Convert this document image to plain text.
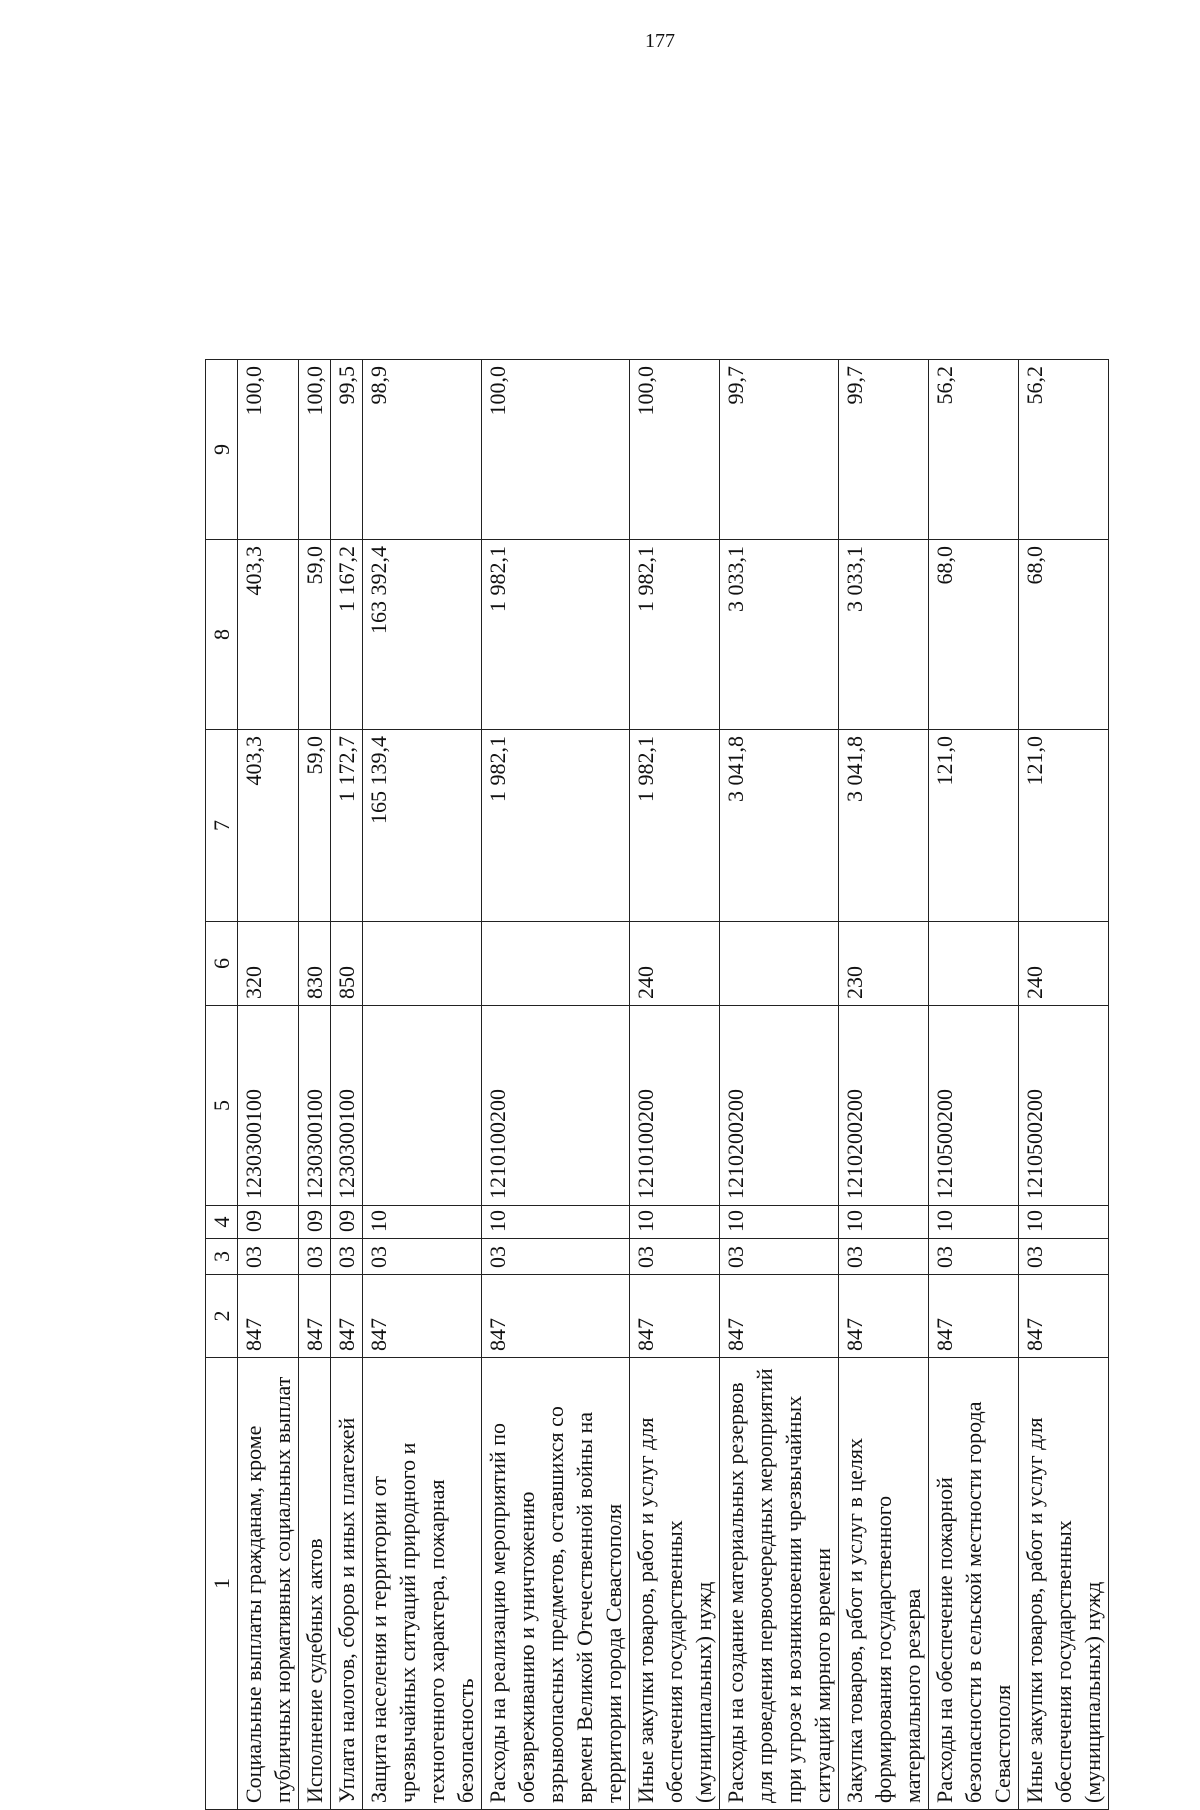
177
1	2	3	4	5	6	7	8	9
Социальные выплаты гражданам, кроме публичных нормативных социальных выплат	847	03	09	1230300100	320	403,3	403,3	100,0
Исполнение судебных актов	847	03	09	1230300100	830	59,0	59,0	100,0
Уплата налогов, сборов и иных платежей	847	03	09	1230300100	850	1 172,7	1 167,2	99,5
Защита населения и территории от чрезвычайных ситуаций природного и техногенного характера, пожарная безопасность	847	03	10			165 139,4	163 392,4	98,9
Расходы на реализацию мероприятий по обезвреживанию и уничтожению взрывоопасных предметов, оставшихся со времен Великой Отечественной войны на территории города Севастополя	847	03	10	1210100200		1 982,1	1 982,1	100,0
Иные закупки товаров, работ и услуг для обеспечения государственных (муниципальных) нужд	847	03	10	1210100200	240	1 982,1	1 982,1	100,0
Расходы на создание материальных резервов для проведения первоочередных мероприятий при угрозе и возникновении чрезвычайных ситуаций мирного времени	847	03	10	1210200200		3 041,8	3 033,1	99,7
Закупка товаров, работ и услуг в целях формирования государственного материального резерва	847	03	10	1210200200	230	3 041,8	3 033,1	99,7
Расходы на обеспечение пожарной безопасности в сельской местности города Севастополя	847	03	10	1210500200		121,0	68,0	56,2
Иные закупки товаров, работ и услуг для обеспечения государственных (муниципальных) нужд	847	03	10	1210500200	240	121,0	68,0	56,2
